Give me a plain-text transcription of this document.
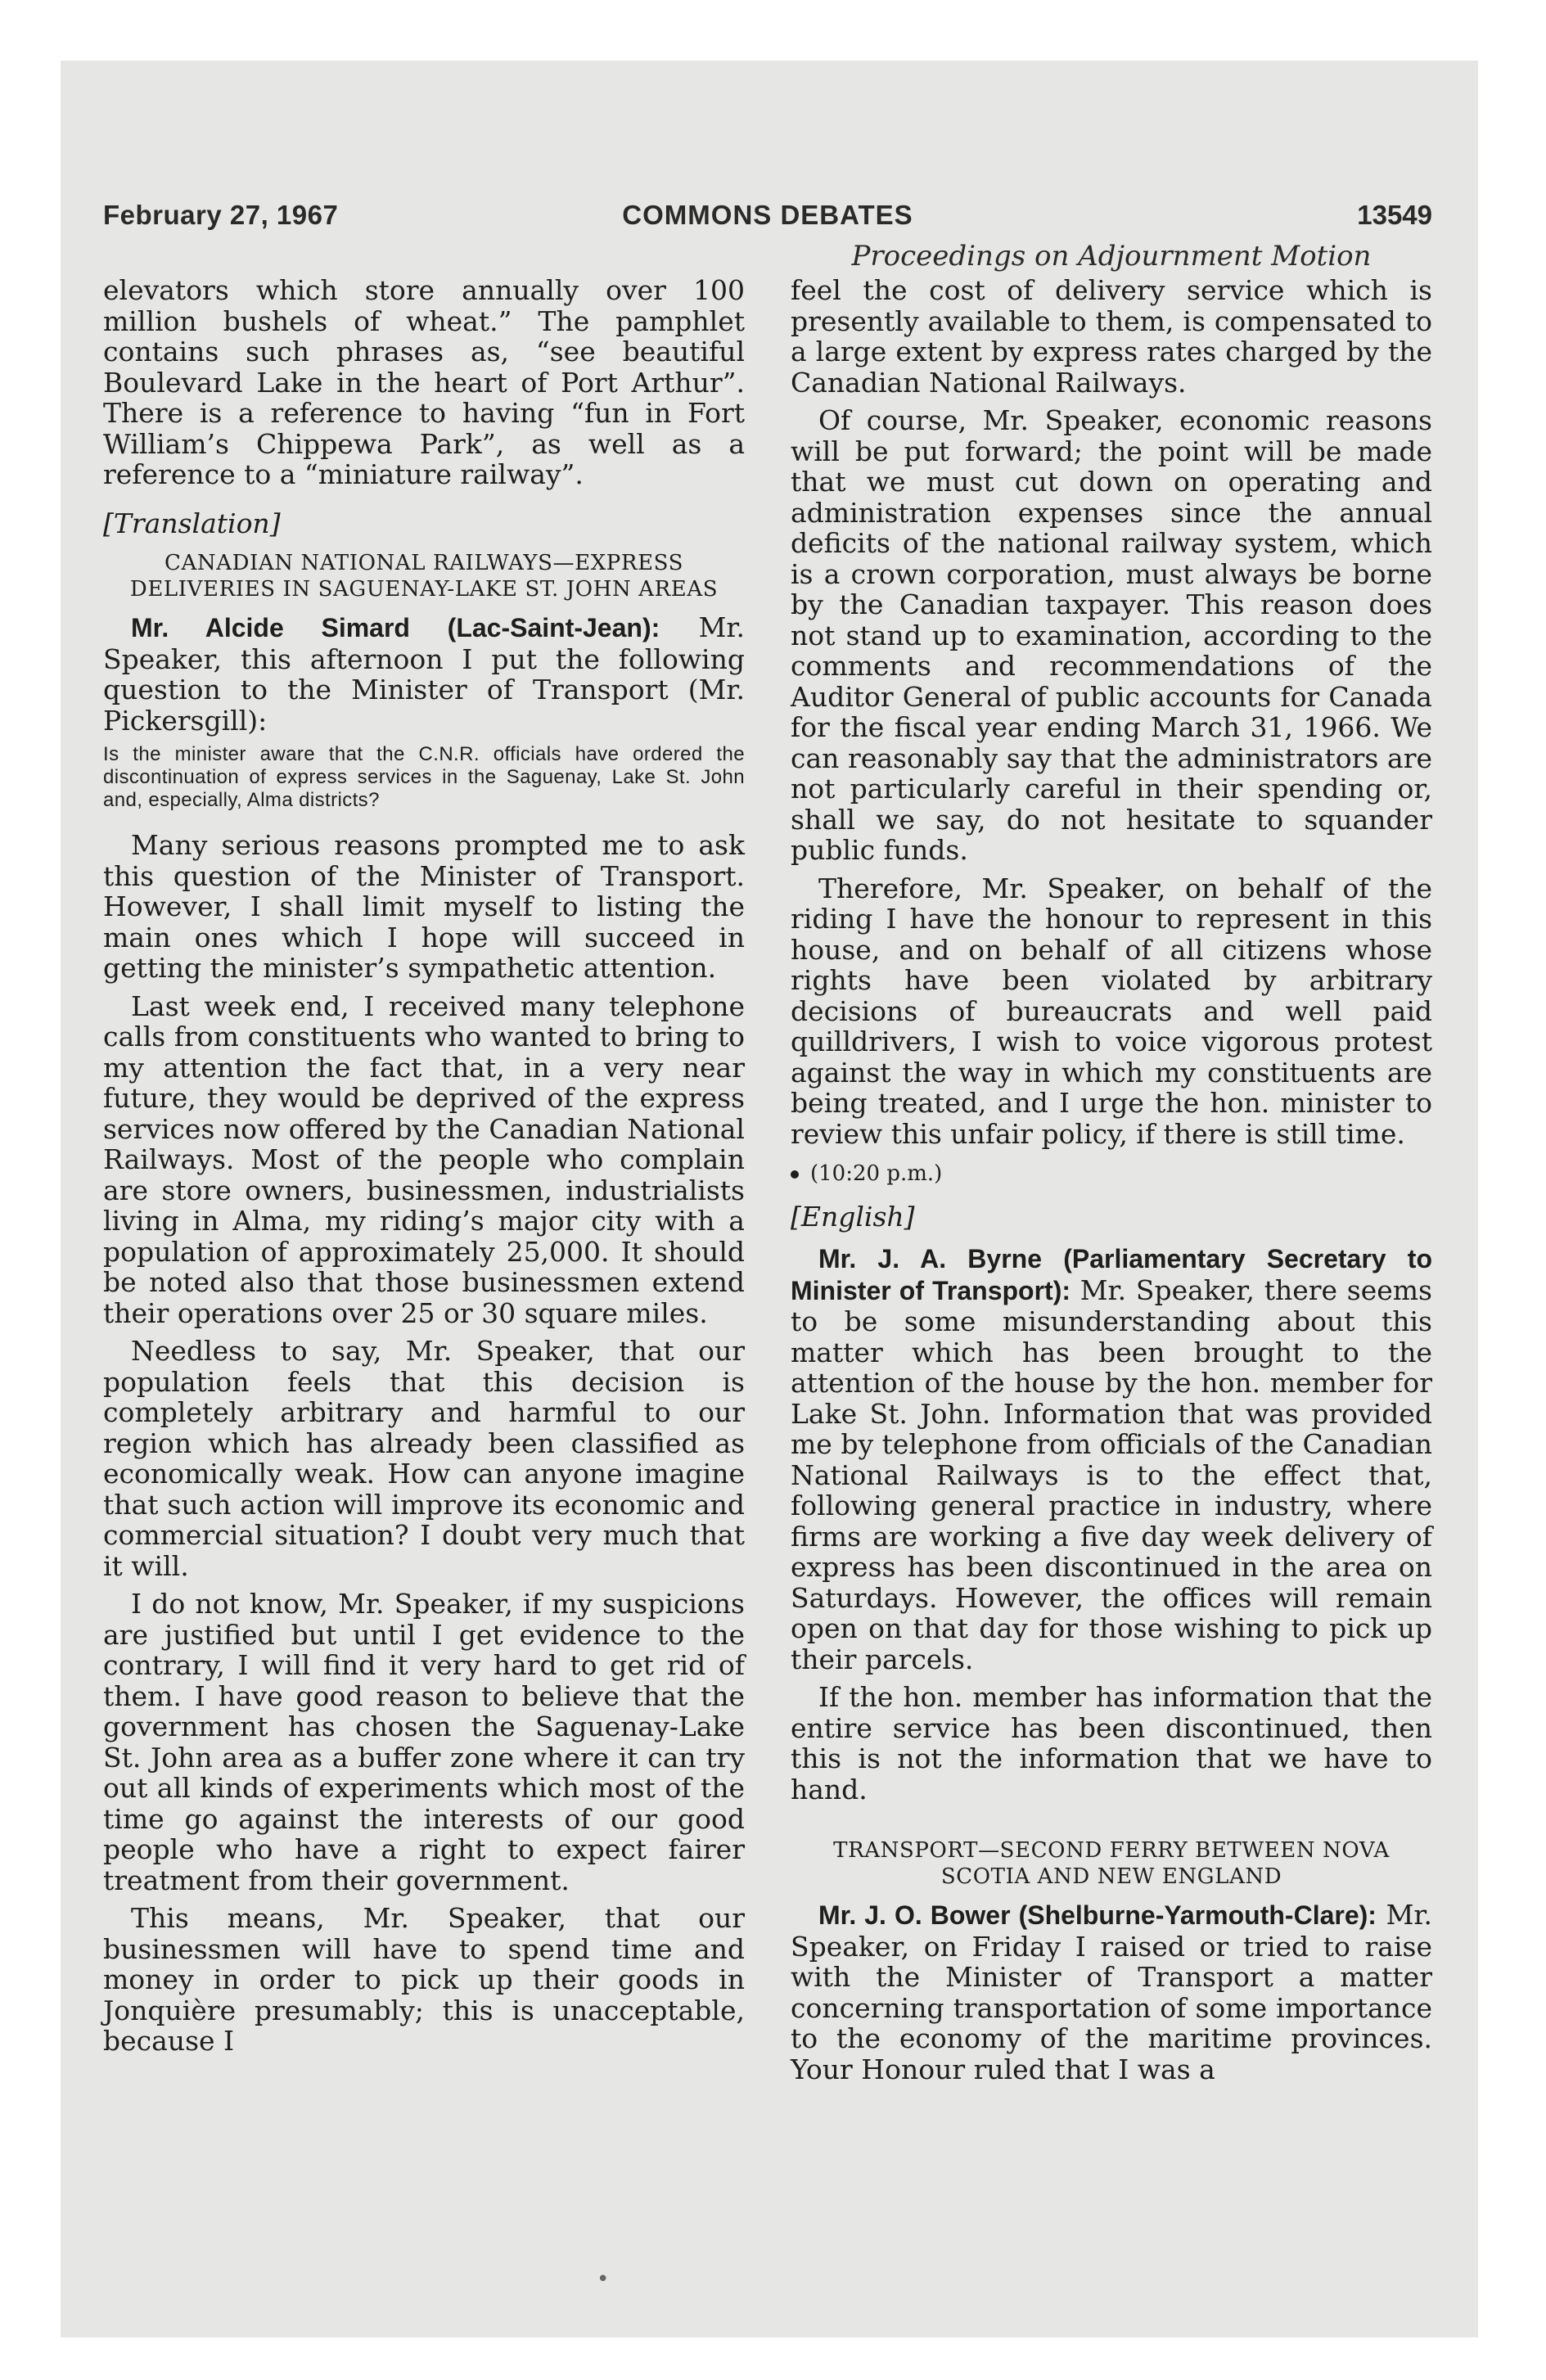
February 27, 1967	COMMONS DEBATES	13549
Proceedings on Adjournment Motion

elevators which store annually over 100 million bushels of wheat.” The pamphlet contains such phrases as, “see beautiful Boulevard Lake in the heart of Port Arthur”. There is a reference to having “fun in Fort William’s Chippewa Park”, as well as a reference to a “miniature railway”.

[Translation]
CANADIAN NATIONAL RAILWAYS—EXPRESS DELIVERIES IN SAGUENAY-LAKE ST. JOHN AREAS

Mr. Alcide Simard (Lac-Saint-Jean): Mr. Speaker, this afternoon I put the following question to the Minister of Transport (Mr. Pickersgill):

Is the minister aware that the C.N.R. officials have ordered the discontinuation of express services in the Saguenay, Lake St. John and, especially, Alma districts?

Many serious reasons prompted me to ask this question of the Minister of Transport. However, I shall limit myself to listing the main ones which I hope will succeed in getting the minister’s sympathetic attention.

Last week end, I received many telephone calls from constituents who wanted to bring to my attention the fact that, in a very near future, they would be deprived of the express services now offered by the Canadian National Railways. Most of the people who complain are store owners, businessmen, industrialists living in Alma, my riding’s major city with a population of approximately 25,000. It should be noted also that those businessmen extend their operations over 25 or 30 square miles.

Needless to say, Mr. Speaker, that our population feels that this decision is completely arbitrary and harmful to our region which has already been classified as economically weak. How can anyone imagine that such action will improve its economic and commercial situation? I doubt very much that it will.

I do not know, Mr. Speaker, if my suspicions are justified but until I get evidence to the contrary, I will find it very hard to get rid of them. I have good reason to believe that the government has chosen the Saguenay-Lake St. John area as a buffer zone where it can try out all kinds of experiments which most of the time go against the interests of our good people who have a right to expect fairer treatment from their government.

This means, Mr. Speaker, that our businessmen will have to spend time and money in order to pick up their goods in Jonquière presumably; this is unacceptable, because I

feel the cost of delivery service which is presently available to them, is compensated to a large extent by express rates charged by the Canadian National Railways.

Of course, Mr. Speaker, economic reasons will be put forward; the point will be made that we must cut down on operating and administration expenses since the annual deficits of the national railway system, which is a crown corporation, must always be borne by the Canadian taxpayer. This reason does not stand up to examination, according to the comments and recommendations of the Auditor General of public accounts for Canada for the fiscal year ending March 31, 1966. We can reasonably say that the administrators are not particularly careful in their spending or, shall we say, do not hesitate to squander public funds.

Therefore, Mr. Speaker, on behalf of the riding I have the honour to represent in this house, and on behalf of all citizens whose rights have been violated by arbitrary decisions of bureaucrats and well paid quilldrivers, I wish to voice vigorous protest against the way in which my constituents are being treated, and I urge the hon. minister to review this unfair policy, if there is still time.

(10:20 p.m.)
[English]

Mr. J. A. Byrne (Parliamentary Secretary to Minister of Transport): Mr. Speaker, there seems to be some misunderstanding about this matter which has been brought to the attention of the house by the hon. member for Lake St. John. Information that was provided me by telephone from officials of the Canadian National Railways is to the effect that, following general practice in industry, where firms are working a five day week delivery of express has been discontinued in the area on Saturdays. However, the offices will remain open on that day for those wishing to pick up their parcels.

If the hon. member has information that the entire service has been discontinued, then this is not the information that we have to hand.

TRANSPORT—SECOND FERRY BETWEEN NOVA SCOTIA AND NEW ENGLAND

Mr. J. O. Bower (Shelburne-Yarmouth-Clare): Mr. Speaker, on Friday I raised or tried to raise with the Minister of Transport a matter concerning transportation of some importance to the economy of the maritime provinces. Your Honour ruled that I was a

•
